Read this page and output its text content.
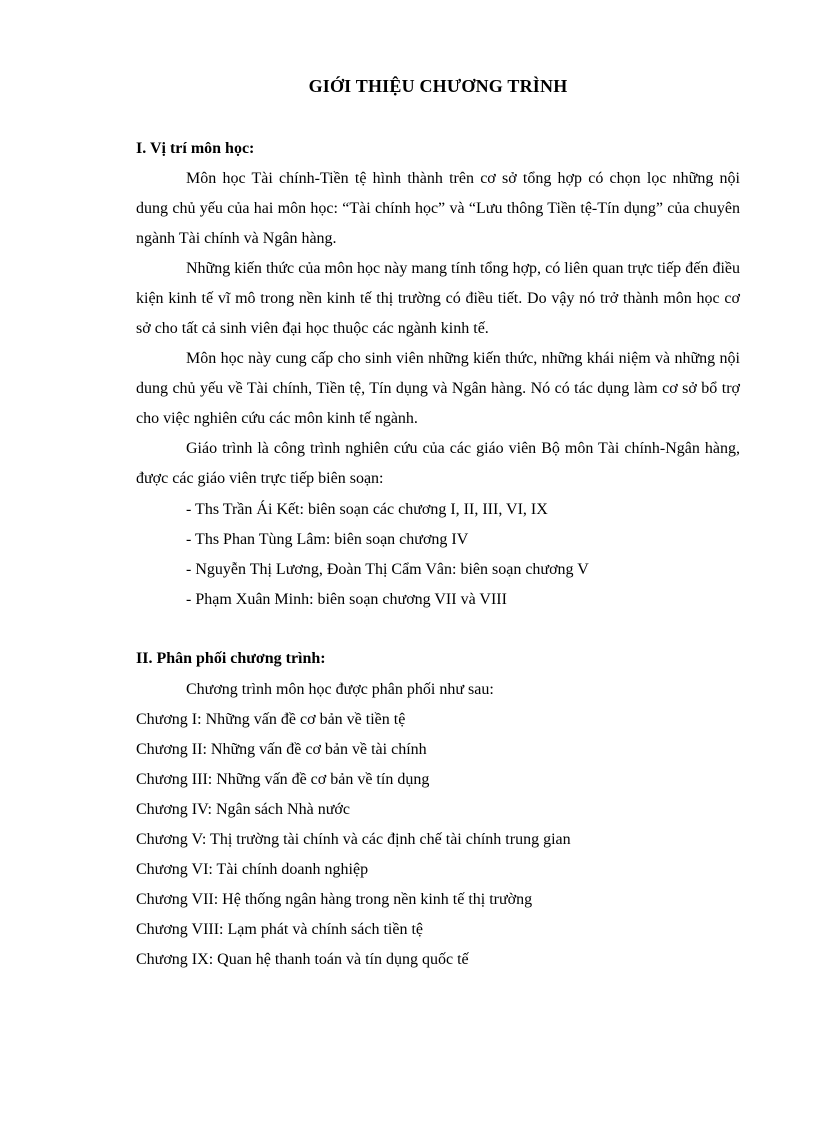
GIỚI THIỆU CHƯƠNG TRÌNH
I. Vị trí môn học:
Môn học Tài chính-Tiền tệ hình thành trên cơ sở tổng hợp có chọn lọc những nội dung chủ yếu của hai môn học: “Tài chính học” và “Lưu thông Tiền tệ-Tín dụng” của chuyên ngành Tài chính và Ngân hàng.
Những kiến thức của môn học này mang tính tổng hợp, có liên quan trực tiếp đến điều kiện kinh tế vĩ mô trong nền kinh tế thị trường có điều tiết. Do vậy nó trở thành môn học cơ sở cho tất cả sinh viên đại học thuộc các ngành kinh tế.
Môn học này cung cấp cho sinh viên những kiến thức, những khái niệm và những nội dung chủ yếu về Tài chính, Tiền tệ, Tín dụng và Ngân hàng. Nó có tác dụng làm cơ sở bổ trợ cho việc nghiên cứu các môn kinh tế ngành.
Giáo trình là công trình nghiên cứu của các giáo viên Bộ môn Tài chính-Ngân hàng, được các giáo viên trực tiếp biên soạn:
- Ths Trần Ái Kết: biên soạn các chương I, II, III, VI, IX
- Ths Phan Tùng Lâm: biên soạn chương IV
- Nguyễn Thị Lương, Đoàn Thị Cẩm Vân: biên soạn chương V
- Phạm Xuân Minh: biên soạn chương VII và VIII
II. Phân phối chương trình:
Chương trình môn học được phân phối như sau:
Chương I: Những vấn đề cơ bản về tiền tệ
Chương II: Những vấn đề cơ bản về tài chính
Chương III: Những vấn đề cơ bản về tín dụng
Chương IV: Ngân sách Nhà nước
Chương V: Thị trường tài chính và các định chế tài chính trung gian
Chương VI: Tài chính doanh nghiệp
Chương VII: Hệ thống ngân hàng trong nền kinh tế thị trường
Chương VIII: Lạm phát và chính sách tiền tệ
Chương IX: Quan hệ thanh toán và tín dụng quốc tế
